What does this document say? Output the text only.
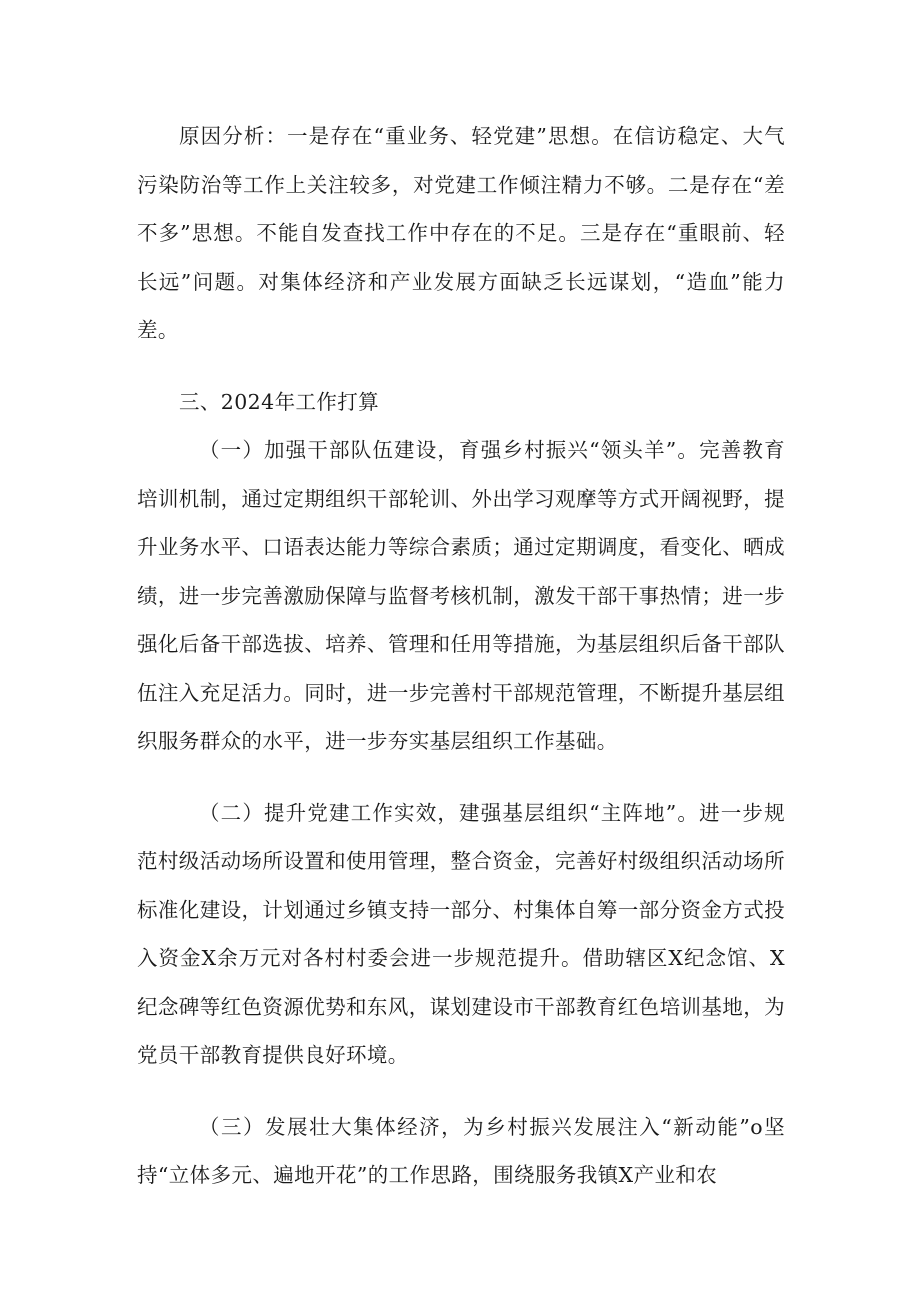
原因分析：一是存在“重业务、轻党建”思想。在信访稳定、大气污染防治等工作上关注较多，对党建工作倾注精力不够。二是存在“差不多”思想。不能自发查找工作中存在的不足。三是存在“重眼前、轻长远”问题。对集体经济和产业发展方面缺乏长远谋划，“造血”能力差。

三、2024年工作打算

（一）加强干部队伍建设，育强乡村振兴“领头羊”。完善教育培训机制，通过定期组织干部轮训、外出学习观摩等方式开阔视野，提升业务水平、口语表达能力等综合素质；通过定期调度，看变化、晒成绩，进一步完善激励保障与监督考核机制，激发干部干事热情；进一步强化后备干部选拔、培养、管理和任用等措施，为基层组织后备干部队伍注入充足活力。同时，进一步完善村干部规范管理，不断提升基层组织服务群众的水平，进一步夯实基层组织工作基础。

（二）提升党建工作实效，建强基层组织“主阵地”。进一步规范村级活动场所设置和使用管理，整合资金，完善好村级组织活动场所标准化建设，计划通过乡镇支持一部分、村集体自筹一部分资金方式投入资金X余万元对各村村委会进一步规范提升。借助辖区X纪念馆、X纪念碑等红色资源优势和东风，谋划建设市干部教育红色培训基地，为党员干部教育提供良好环境。

（三）发展壮大集体经济，为乡村振兴发展注入“新动能”o坚持“立体多元、遍地开花”的工作思路，围绕服务我镇X产业和农
